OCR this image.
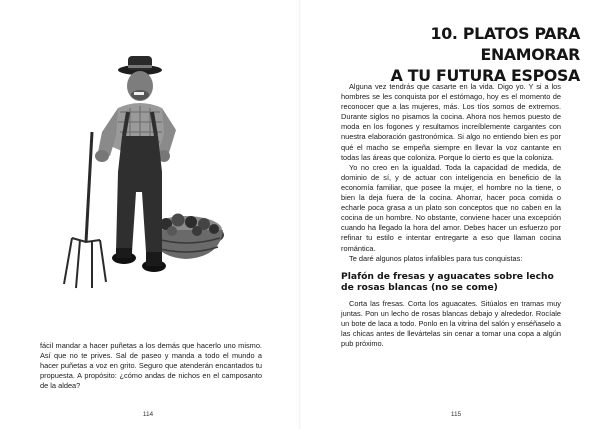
fácil mandar a hacer puñetas a los demás que hacerlo uno mismo. Así que no te prives. Sal de paseo y manda a todo el mundo a hacer puñetas a voz en grito. Seguro que atenderán encantados tu propuesta. A propósito: ¿cómo andas de nichos en el camposanto de la aldea?

114
10. PLATOS PARA ENAMORAR
A TU FUTURA ESPOSA

Alguna vez tendrás que casarte en la vida. Digo yo. Y si a los hombres se les conquista por el estómago, hoy es el momento de reconocer que a las mujeres, más. Los tíos somos de extremos. Durante siglos no pisamos la cocina. Ahora nos hemos puesto de moda en los fogones y resultamos increíblemente cargantes con nuestra elaboración gastronómica. Si algo no entiendo bien es por qué el macho se empeña siempre en llevar la voz cantante en todas las áreas que coloniza. Porque lo cierto es que la coloniza.

Yo no creo en la igualdad. Toda la capacidad de medida, de dominio de sí, y de actuar con inteligencia en beneficio de la economía familiar, que posee la mujer, el hombre no la tiene, o bien la deja fuera de la cocina. Ahorrar, hacer poca comida o echarle poca grasa a un plato son conceptos que no caben en la cocina de un hombre. No obstante, conviene hacer una excepción cuando ha llegado la hora del amor. Debes hacer un esfuerzo por refinar tu estilo e intentar entregarte a eso que llaman cocina romántica.

Te daré algunos platos infalibles para tus conquistas:

Plafón de fresas y aguacates sobre lecho de rosas blancas (no se come)

Corta las fresas. Corta los aguacates. Sitúalos en tramas muy juntas. Pon un lecho de rosas blancas debajo y alrededor. Rocíale un bote de laca a todo. Ponlo en la vitrina del salón y enséñaselo a las chicas antes de llevártelas sin cenar a tomar una copa a algún pub próximo.

115
